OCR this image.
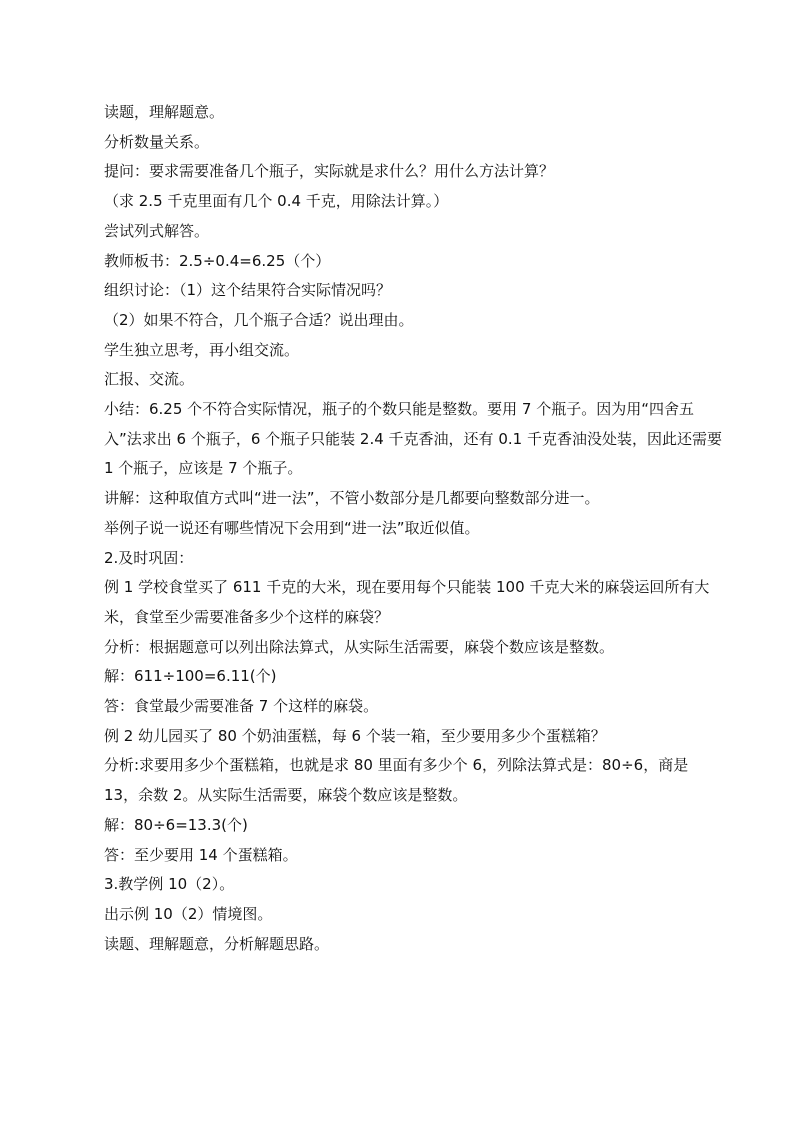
读题，理解题意。

分析数量关系。

提问：要求需要准备几个瓶子，实际就是求什么？用什么方法计算？

（求 2.5 千克里面有几个 0.4 千克，用除法计算。）

尝试列式解答。

教师板书：2.5÷0.4=6.25（个）

组织讨论：（1）这个结果符合实际情况吗？

（2）如果不符合，几个瓶子合适？说出理由。

学生独立思考，再小组交流。

汇报、交流。

小结：6.25 个不符合实际情况，瓶子的个数只能是整数。要用 7 个瓶子。因为用“四舍五入”法求出 6 个瓶子，6 个瓶子只能装 2.4 千克香油，还有 0.1 千克香油没处装，因此还需要 1 个瓶子，应该是 7 个瓶子。

讲解：这种取值方式叫“进一法”，不管小数部分是几都要向整数部分进一。

举例子说一说还有哪些情况下会用到“进一法”取近似值。

2.及时巩固：

例 1 学校食堂买了 611 千克的大米，现在要用每个只能装 100 千克大米的麻袋运回所有大米，食堂至少需要准备多少个这样的麻袋？

分析：根据题意可以列出除法算式，从实际生活需要，麻袋个数应该是整数。

解：611÷100=6.11(个)

答：食堂最少需要准备 7 个这样的麻袋。

例 2 幼儿园买了 80 个奶油蛋糕，每 6 个装一箱，至少要用多少个蛋糕箱？

分析:求要用多少个蛋糕箱，也就是求 80 里面有多少个 6，列除法算式是：80÷6，商是 13，余数 2。从实际生活需要，麻袋个数应该是整数。

解：80÷6=13.3(个)

答：至少要用 14 个蛋糕箱。

3.教学例 10（2）。

出示例 10（2）情境图。

读题、理解题意，分析解题思路。
